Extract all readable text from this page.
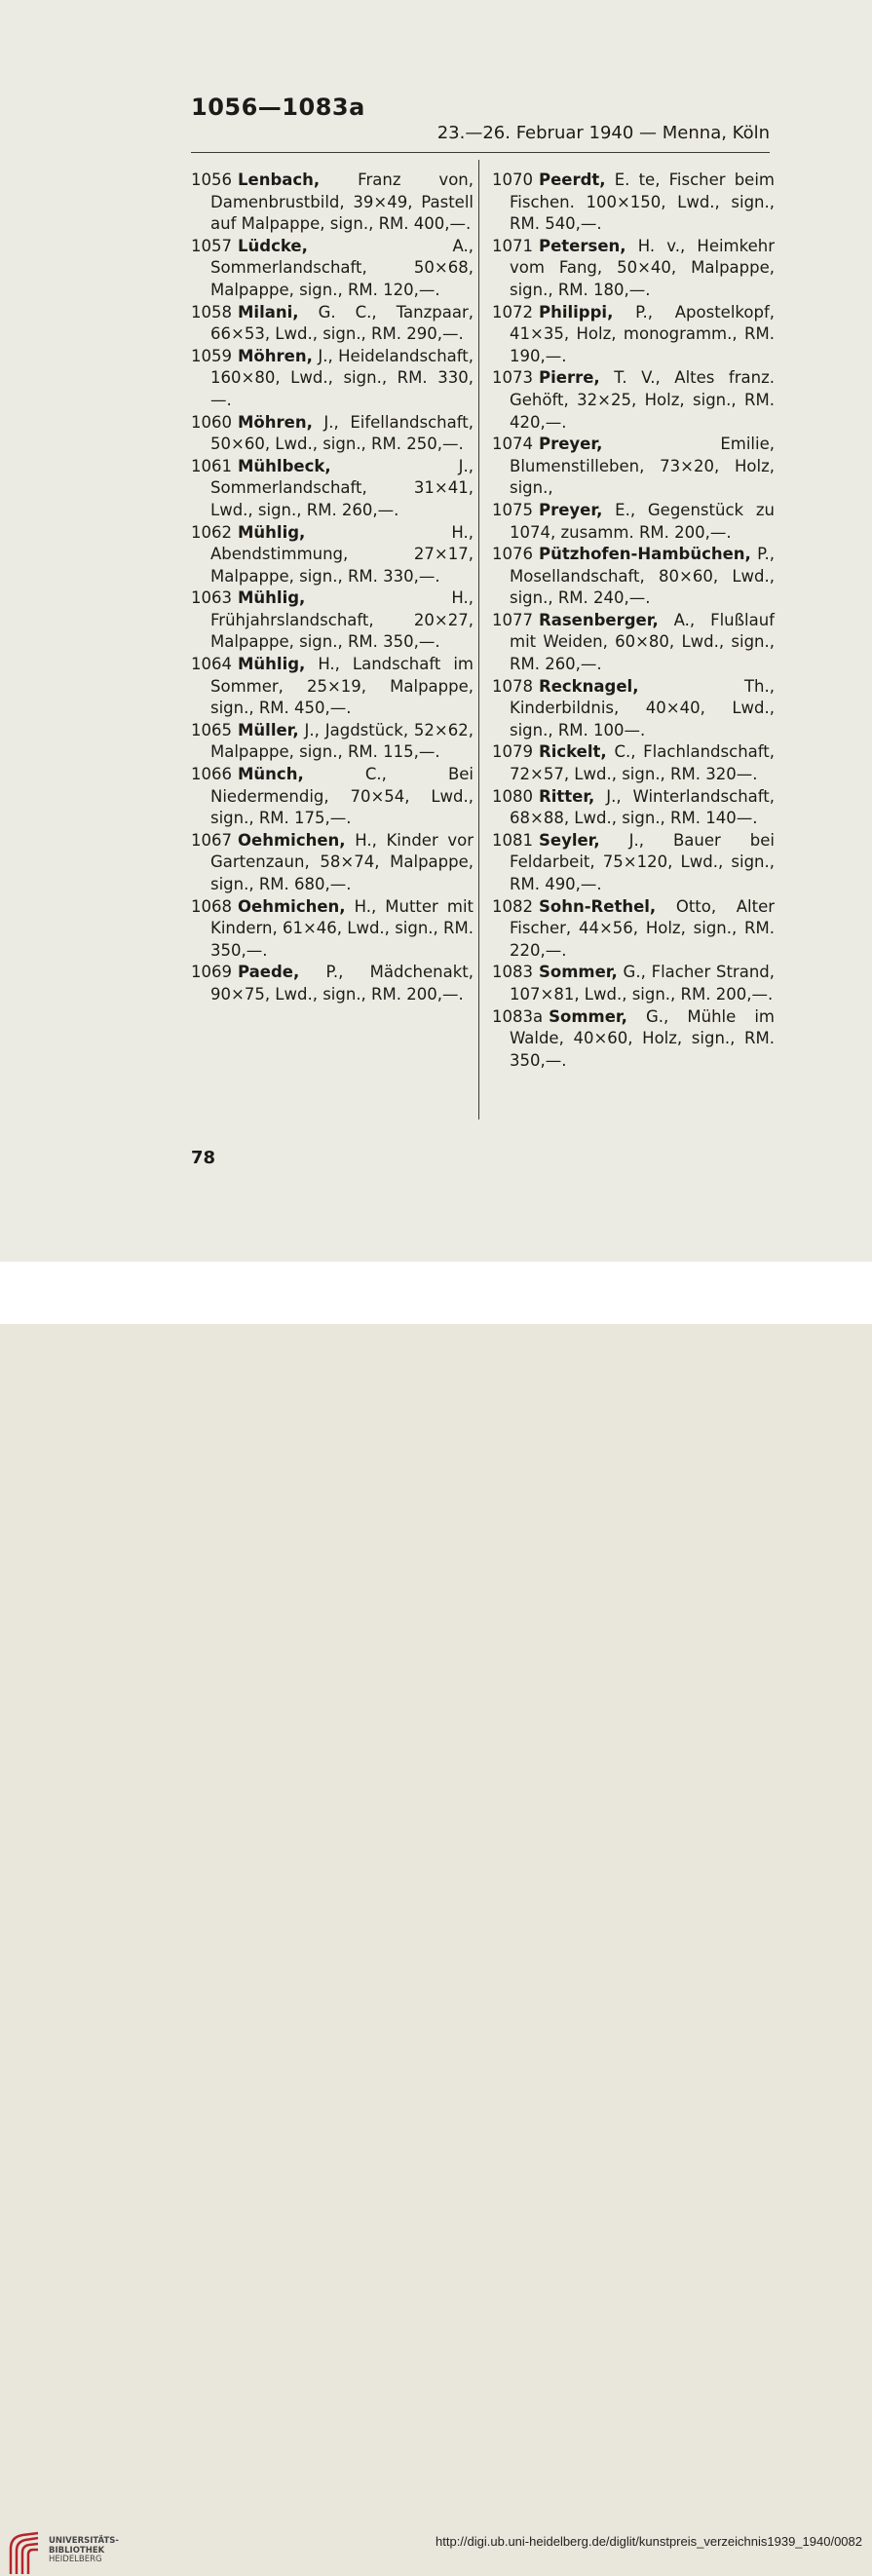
1056—1083a
23.—26. Februar 1940 — Menna, Köln
1056 Lenbach, Franz von, Damenbrustbild, 39×49, Pastell auf Malpappe, sign., RM. 400,—.
1057 Lüdcke,	A., Sommerlandschaft, 50×68, Malpappe, sign., RM. 120,—.
1058 Milani, G. C., Tanzpaar, 66×53, Lwd., sign., RM. 290,—.
1059 Möhren, J., Heidelandschaft, 160×80, Lwd., sign., RM. 330,—.
1060 Möhren, J., Eifellandschaft, 50×60, Lwd., sign., RM. 250,—.
1061 Mühlbeck,	J., Sommerlandschaft, 31×41, Lwd., sign., RM. 260,—.
1062 Mühlig,	H., Abendstimmung, 27×17, Malpappe, sign., RM. 330,—.
1063 Mühlig,	H., Frühjahrslandschaft, 20×27, Malpappe, sign., RM. 350,—.
1064 Mühlig, H., Landschaft im Sommer, 25×19, Malpappe, sign., RM. 450,—.
1065 Müller, J., Jagdstück, 52×62, Malpappe, sign., RM. 115,—.
1066 Münch,	C., Bei Niedermendig, 70×54, Lwd., sign., RM. 175,—.
1067 Oehmichen, H., Kinder vor Gartenzaun, 58×74, Malpappe, sign., RM. 680,—.
1068 Oehmichen, H., Mutter mit Kindern, 61×46, Lwd., sign., RM. 350,—.
1069 Paede, P., Mädchenakt, 90×75, Lwd., sign., RM. 200,—.
1070 Peerdt, E. te, Fischer beim Fischen. 100×150, Lwd., sign., RM. 540,—.
1071 Petersen, H. v., Heimkehr vom Fang, 50×40, Malpappe, sign., RM. 180,—.
1072 Philippi, P., Apostelkopf, 41×35, Holz, monogramm., RM. 190,—.
1073 Pierre, T. V., Altes franz. Gehöft, 32×25, Holz, sign., RM. 420,—.
1074 Preyer,	Emilie, Blumenstilleben, 73×20, Holz, sign.,
1075 Preyer, E., Gegenstück zu 1074, zusamm. RM. 200,—.
1076 Pützhofen-Hambüchen, P., Mosellandschaft, 80×60, Lwd., sign., RM. 240,—.
1077 Rasenberger, A., Flußlauf mit Weiden, 60×80, Lwd., sign., RM. 260,—.
1078 Recknagel,	Th., Kinderbildnis, 40×40, Lwd., sign., RM. 100—.
1079 Rickelt, C., Flachlandschaft, 72×57, Lwd., sign., RM. 320—.
1080 Ritter, J., Winterlandschaft, 68×88, Lwd., sign., RM. 140—.
1081 Seyler, J., Bauer bei Feldarbeit, 75×120, Lwd., sign., RM. 490,—.
1082 Sohn-Rethel, Otto, Alter Fischer, 44×56, Holz, sign., RM. 220,—.
1083 Sommer, G., Flacher Strand, 107×81, Lwd., sign., RM. 200,—.
1083a Sommer, G., Mühle im Walde, 40×60, Holz, sign., RM. 350,—.
78
UNIVERSITÄTS-
BIBLIOTHEK
HEIDELBERG
http://digi.ub.uni-heidelberg.de/diglit/kunstpreis_verzeichnis1939_1940/0082
